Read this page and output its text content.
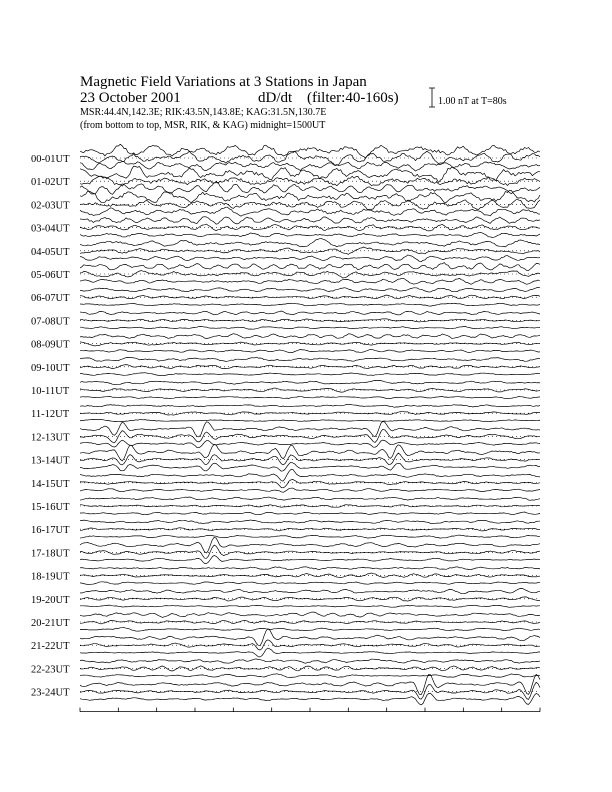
Magnetic Field Variations at 3 Stations in Japan
23 October 2001	dD/dt (filter:40-160s)
MSR:44.4N,142.3E; RIK:43.5N,143.8E; KAG:31.5N,130.7E
(from bottom to top, MSR, RIK, & KAG) midnight=1500UT
1.00 nT at T=80s
00-01UT
01-02UT
02-03UT
03-04UT
04-05UT
05-06UT
06-07UT
07-08UT
08-09UT
09-10UT
10-11UT
11-12UT
12-13UT
13-14UT
14-15UT
15-16UT
16-17UT
17-18UT
18-19UT
19-20UT
20-21UT
21-22UT
22-23UT
23-24UT
